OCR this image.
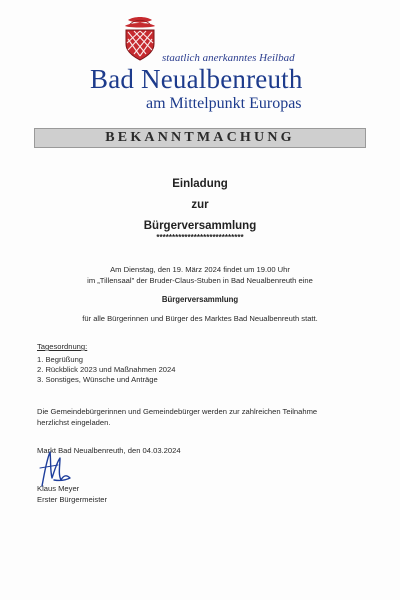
staatlich anerkanntes Heilbad
Bad Neualbenreuth
am Mittelpunkt Europas
BEKANNTMACHUNG
Einladung
zur
Bürgerversammlung
****************************
Am Dienstag, den 19. März 2024 findet um 19.00 Uhr
im „Tillensaal" der Bruder-Claus-Stuben in Bad Neualbenreuth eine
Bürgerversammlung
für alle Bürgerinnen und Bürger des Marktes Bad Neualbenreuth statt.
Tagesordnung:
1. Begrüßung
2. Rückblick 2023 und Maßnahmen 2024
3. Sonstiges, Wünsche und Anträge
Die Gemeindebürgerinnen und Gemeindebürger werden zur zahlreichen Teilnahme
herzlichst eingeladen.
Markt Bad Neualbenreuth, den 04.03.2024
Klaus Meyer
Erster Bürgermeister
